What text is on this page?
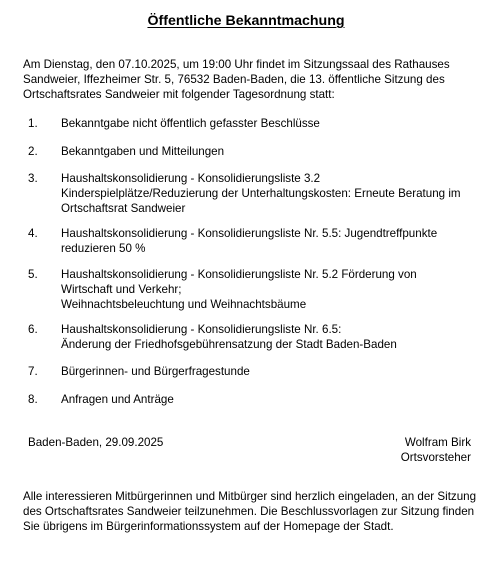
Öffentliche Bekanntmachung

Am Dienstag, den 07.10.2025, um 19:00 Uhr findet im Sitzungssaal des Rathauses Sandweier, Iffezheimer Str. 5, 76532 Baden-Baden, die 13. öffentliche Sitzung des Ortschaftsrates Sandweier mit folgender Tagesordnung statt:

1.	Bekanntgabe nicht öffentlich gefasster Beschlüsse
2.	Bekanntgaben und Mitteilungen
3.	Haushaltskonsolidierung - Konsolidierungsliste 3.2
Kinderspielplätze/Reduzierung der Unterhaltungskosten: Erneute Beratung im
Ortschaftsrat Sandweier
4.	Haushaltskonsolidierung - Konsolidierungsliste Nr. 5.5: Jugendtreffpunkte
reduzieren 50 %
5.	Haushaltskonsolidierung - Konsolidierungsliste Nr. 5.2 Förderung von
Wirtschaft und Verkehr;
Weihnachtsbeleuchtung und Weihnachtsbäume
6.	Haushaltskonsolidierung - Konsolidierungsliste Nr. 6.5:
Änderung der Friedhofsgebührensatzung der Stadt Baden-Baden
7.	Bürgerinnen- und Bürgerfragestunde
8.	Anfragen und Anträge
Baden-Baden, 29.09.2025	Wolfram Birk
Ortsvorsteher

Alle interessieren Mitbürgerinnen und Mitbürger sind herzlich eingeladen, an der Sitzung des Ortschaftsrates Sandweier teilzunehmen. Die Beschlussvorlagen zur Sitzung finden Sie übrigens im Bürgerinformationssystem auf der Homepage der Stadt.
